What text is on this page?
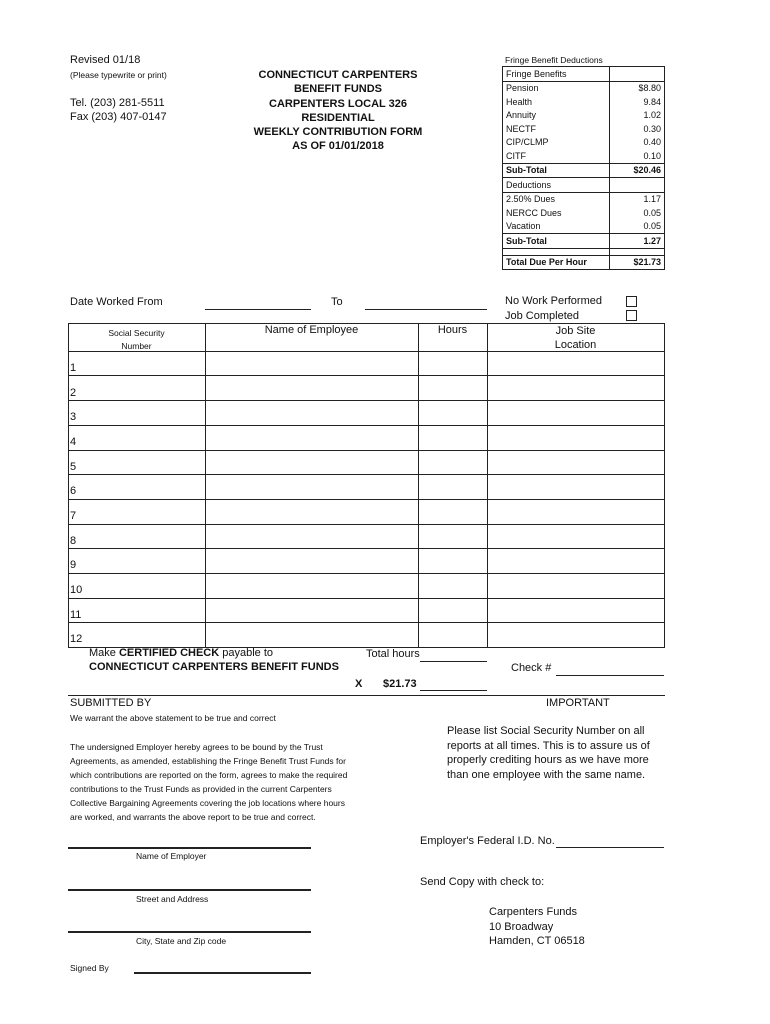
Revised 01/18
(Please typewrite or print)
Tel. (203) 281-5511
Fax (203) 407-0147
CONNECTICUT CARPENTERS
BENEFIT FUNDS
CARPENTERS LOCAL 326
RESIDENTIAL
WEEKLY CONTRIBUTION FORM
AS OF 01/01/2018
Fringe Benefit Deductions
Fringe Benefits	
Pension	$8.80
Health	9.84
Annuity	1.02
NECTF	0.30
CIP/CLMP	0.40
CITF	0.10
Sub-Total	$20.46
Deductions	
2.50% Dues	1.17
NERCC Dues	0.05
Vacation	0.05
Sub-Total	1.27

Total Due Per Hour	$21.73
Date Worked From	To	No Work Performed
Job Completed
Social Security
Number
Name of Employee	Hours	Job Site
Location
1
2
3
4
5
6
7
8
9
10
11
12
Make CERTIFIED CHECK payable to
CONNECTICUT CARPENTERS BENEFIT FUNDS
Total hours
X $21.73
Check #
SUBMITTED BY
We warrant the above statement to be true and correct
The undersigned Employer hereby agrees to be bound by the Trust
Agreements, as amended, establishing the Fringe Benefit Trust Funds for
which contributions are reported on the form, agrees to make the required
contributions to the Trust Funds as provided in the current Carpenters
Collective Bargaining Agreements covering the job locations where hours
are worked, and warrants the above report to be true and correct.
Name of Employer
Street and Address
City, State and Zip code
Signed By
IMPORTANT
Please list Social Security Number on all
reports at all times. This is to assure us of
properly crediting hours as we have more
than one employee with the same name.
Employer's Federal I.D. No.
Send Copy with check to:
Carpenters Funds
10 Broadway
Hamden, CT 06518
